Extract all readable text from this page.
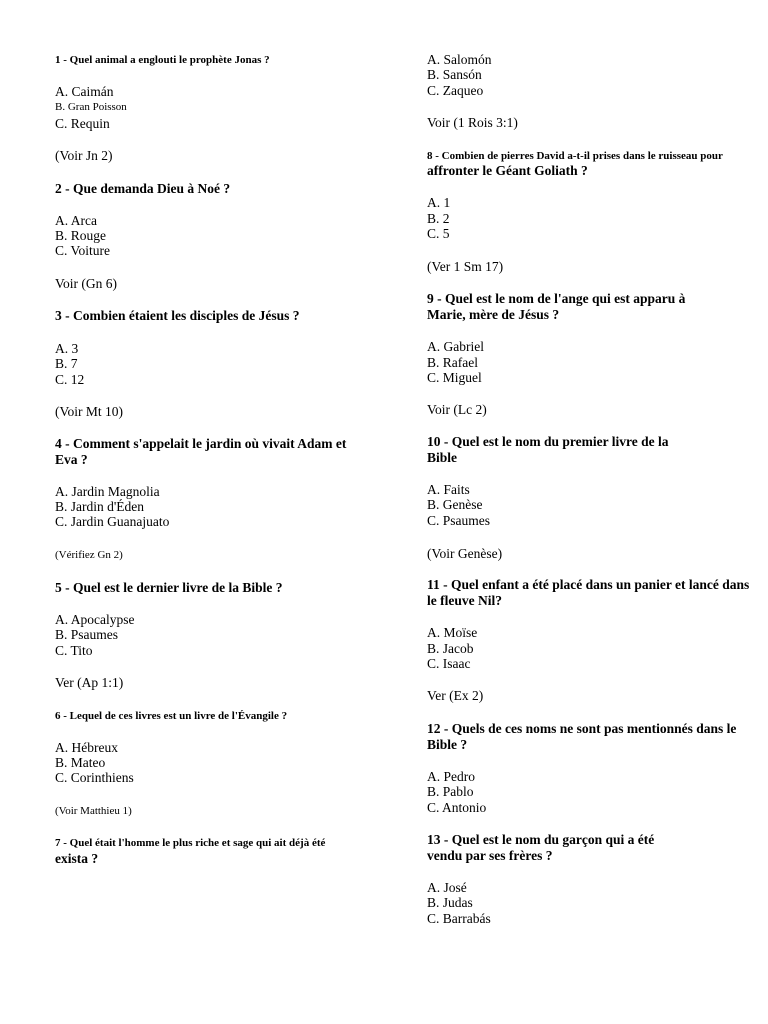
1 - Quel animal a englouti le prophète Jonas ?
A. Caimán
B. Gran Poisson
C. Requin
(Voir Jn 2)
2 - Que demanda Dieu à Noé ?
A. Arca
B. Rouge
C. Voiture
Voir (Gn 6)
3 - Combien étaient les disciples de Jésus ?
A. 3
B. 7
C. 12
(Voir Mt 10)
4 - Comment s'appelait le jardin où vivait Adam et
Eva ?
A. Jardin Magnolia
B. Jardin d'Éden
C. Jardin Guanajuato
(Vérifiez Gn 2)
5 - Quel est le dernier livre de la Bible ?
A. Apocalypse
B. Psaumes
C. Tito
Ver (Ap 1:1)
6 - Lequel de ces livres est un livre de l'Évangile ?
A. Hébreux
B. Mateo
C. Corinthiens
(Voir Matthieu 1)
7 - Quel était l'homme le plus riche et sage qui ait déjà été
exista ?
A. Salomón
B. Sansón
C. Zaqueo
Voir (1 Rois 3:1)
8 - Combien de pierres David a-t-il prises dans le ruisseau pour
affronter le Géant Goliath ?
A. 1
B. 2
C. 5
(Ver 1 Sm 17)
9 - Quel est le nom de l'ange qui est apparu à
Marie, mère de Jésus ?
A. Gabriel
B. Rafael
C. Miguel
Voir (Lc 2)
10 - Quel est le nom du premier livre de la
Bible
A. Faits
B. Genèse
C. Psaumes
(Voir Genèse)
11 - Quel enfant a été placé dans un panier et lancé dans
le fleuve Nil?
A. Moïse
B. Jacob
C. Isaac
Ver (Ex 2)
12 - Quels de ces noms ne sont pas mentionnés dans le
Bible ?
A. Pedro
B. Pablo
C. Antonio
13 - Quel est le nom du garçon qui a été
vendu par ses frères ?
A. José
B. Judas
C. Barrabás
